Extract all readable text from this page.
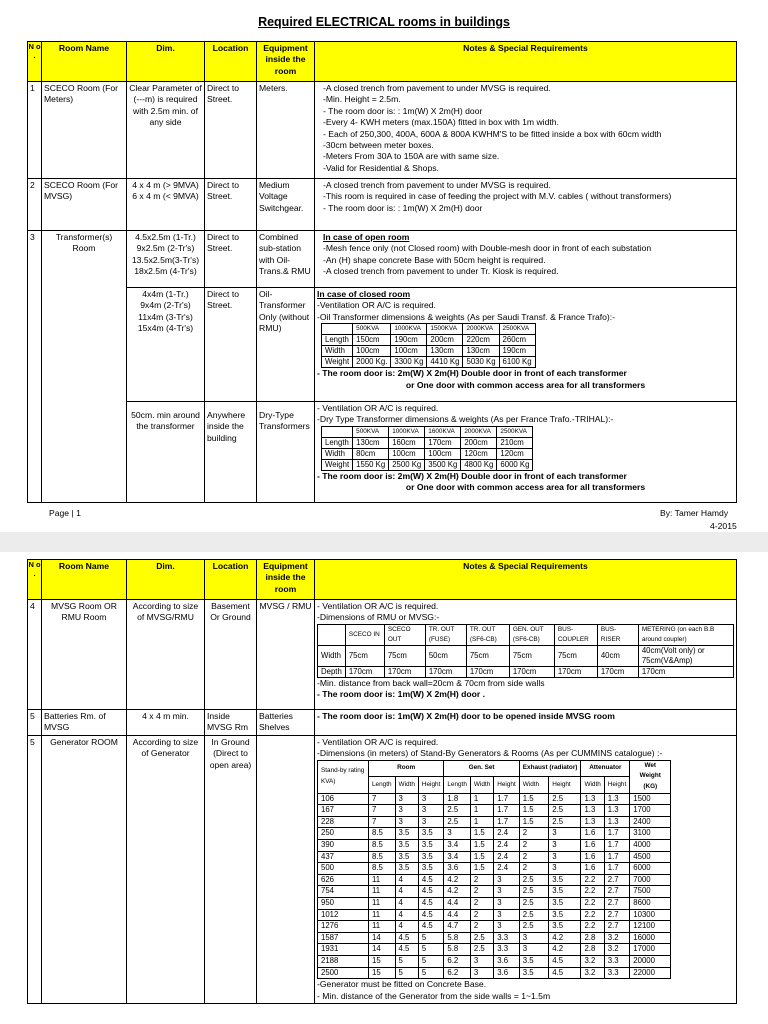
Required ELECTRICAL rooms in buildings
N o .	Room Name	Dim.	Location	Equipment inside the room	Notes & Special Requirements
1	SCECO Room (For Meters)	Clear Parameter of (---m) is required with 2.5m min. of any side	Direct to Street.	Meters.	-A closed trench from pavement to under MVSG is required.
-Min. Height = 2.5m.
- The room door is: : 1m(W) X 2m(H) door
-Every 4- KWH meters (max.150A) fitted in box with 1m width.
- Each of 250,300, 400A, 600A & 800A KWHM'S to be fitted inside a box with 60cm width
-30cm between meter boxes.
-Meters From 30A to 150A are with same size.
-Valid for Residential & Shops.

2	SCECO Room (For MVSG)	4 x 4 m (> 9MVA) 6 x 4 m (< 9MVA)	Direct to Street.	Medium Voltage Switchgear.	
-A closed trench from pavement to under MVSG is required.
-This room is required in case of feeding the project with M.V. cables ( without transformers)
- The room door is: : 1m(W) X 2m(H) door

3	Transformer(s) Room	
4.5x2.5m (1-Tr.)
9x2.5m (2-Tr's)
13.5x2.5m(3-Tr's)
18x2.5m (4-Tr's)
	Direct to Street.	Combined sub-station with Oil-Trans.& RMU	
In case of open room
-Mesh fence only (not Closed room) with Double-mesh door in front of each substation
-An (H) shape concrete Base with 50cm height is required.
-A closed trench from pavement to under Tr. Kiosk is required.

4x4m (1-Tr.)
9x4m (2-Tr's)
11x4m (3-Tr's)
15x4m (4-Tr's)
	Direct to Street.	Oil-Transformer Only (without RMU)	
In case of closed room
-Ventilation OR A/C is required.
-Oil Transformer dimensions & weights (As per Saudi Transf. & France Trafo):-
	500KVA	1000KVA	1500KVA	2000KVA	2500KVA
Length	150cm	190cm	200cm	220cm	260cm
Width	100cm	100cm	130cm	130cm	190cm
Weight	2000 Kg.	3300 Kg	4410 Kg	5030 Kg	6100 Kg
- The room door is: 2m(W) X 2m(H) Double door in front of each transformer
or One door with common access area for all transformers

50cm. min around the transformer	Anywhere inside the building	Dry-Type Transformers	
- Ventilation OR A/C is required.
-Dry Type Transformer dimensions & weights (As per France Trafo.-TRIHAL):-
	500KVA	1000KVA	1600KVA	2000KVA	2500KVA
Length	130cm	160cm	170cm	200cm	210cm
Width	80cm	100cm	100cm	120cm	120cm
Weight	1550 Kg	2500 Kg	3500 Kg	4800 Kg	6000 Kg
- The room door is: 2m(W) X 2m(H) Double door in front of each transformer
or One door with common access area for all transformers
Page | 1	By: Tamer Hamdy
4-2015
N o .	Room Name	Dim.	Location	Equipment inside the room	Notes & Special Requirements
4	MVSG Room OR RMU Room	According to size of MVSG/RMU	Basement Or Ground	MVSG / RMU	- Ventilation OR A/C is required.
-Dimensions of RMU or MVSG:-
	SCECO IN	SCECO OUT	TR. OUT (FUSE)	TR. OUT (SF6-CB)	GEN. OUT (SF6-CB)	BUS-COUPLER	BUS-RISER	METERING (on each B.B around coupler)
Width	75cm	75cm	50cm	75cm	75cm	75cm	40cm	40cm(Volt only) or 75cm(V&Amp)
Depth	170cm	170cm	170cm	170cm	170cm	170cm	170cm	170cm
-Min. distance from back wall=20cm & 70cm from side walls
- The room door is: 1m(W) X 2m(H) door .

5	Batteries Rm. of MVSG	4 x 4 m min.	Inside MVSG Rm	Batteries Shelves	- The room door is: 1m(W) X 2m(H) door to be opened inside MVSG room
5	Generator ROOM	According to size of Generator	In Ground (Direct to open area)		
- Ventilation OR A/C is required.
-Dimensions (in meters) of Stand-By Generators & Rooms (As per CUMMINS catalogue) :-
Stand-by rating KVA)	Room	Gen. Set	Exhaust (radiator)	Attenuator	Wet Weight (KG)
Length	Width	Height	Length	Width	Height	Width	Height	Width	Height
106	7	3	3	1.8	1	1.7	1.5	2.5	1.3	1.3	1500
167	7	3	3	2.5	1	1.7	1.5	2.5	1.3	1.3	1700
228	7	3	3	2.5	1	1.7	1.5	2.5	1.3	1.3	2400
250	8.5	3.5	3.5	3	1.5	2.4	2	3	1.6	1.7	3100
390	8.5	3.5	3.5	3.4	1.5	2.4	2	3	1.6	1.7	4000
437	8.5	3.5	3.5	3.4	1.5	2.4	2	3	1.6	1.7	4500
500	8.5	3.5	3.5	3.6	1.5	2.4	2	3	1.6	1.7	6000
626	11	4	4.5	4.2	2	3	2.5	3.5	2.2	2.7	7000
754	11	4	4.5	4.2	2	3	2.5	3.5	2.2	2.7	7500
950	11	4	4.5	4.4	2	3	2.5	3.5	2.2	2.7	8600
1012	11	4	4.5	4.4	2	3	2.5	3.5	2.2	2.7	10300
1276	11	4	4.5	4.7	2	3	2.5	3.5	2.2	2.7	12100
1587	14	4.5	5	5.8	2.5	3.3	3	4.2	2.8	3.2	16000
1931	14	4.5	5	5.8	2.5	3.3	3	4.2	2.8	3.2	17000
2188	15	5	5	6.2	3	3.6	3.5	4.5	3.2	3.3	20000
2500	15	5	5	6.2	3	3.6	3.5	4.5	3.2	3.3	22000
-Generator must be fitted on Concrete Base.
- Min. distance of the Generator from the side walls = 1~1.5m
